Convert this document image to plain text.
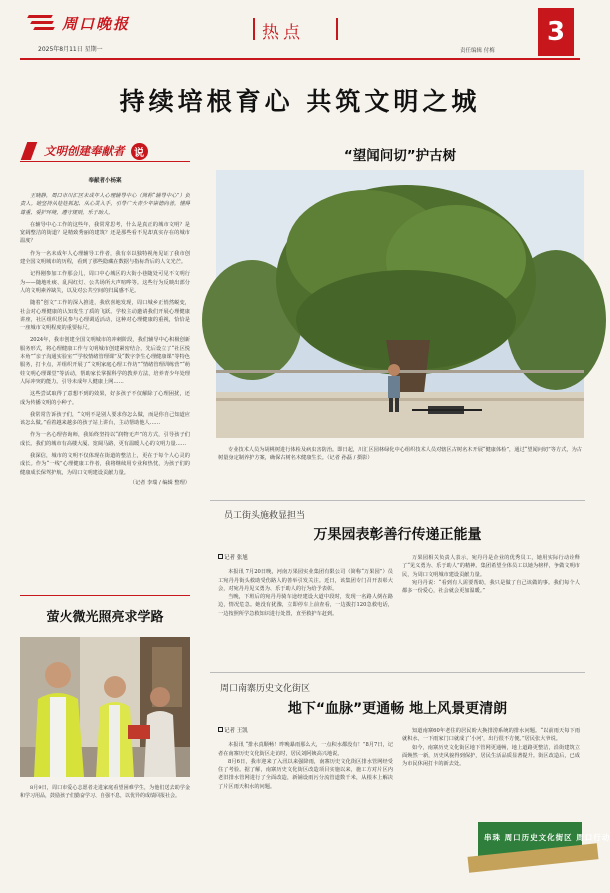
周口晚报
2025年8月11日 星期一
热点
责任编辑 付梅
3
持续培根育心 共筑文明之城
文明创建奉献者 说
奉献者小杨案

王晓静，周口市川汇区未成年人心理辅导中心（简称“辅导中心”）负责人。她坚持从娃娃抓起、从心灵入手，引导广大青少年崇德向善，懂得尊重、爱护环境，遵守规则，乐于助人。

在辅导中心工作的这些年，我常常思考，什么是真正的城市文明？是宽阔整洁的街道？是精致秀丽的建筑？还是那些看不见却真实存在的城市温度？

作为一名未成年人心理辅导工作者，我有幸以独特视角见证了我市创建全国文明城市的历程，看到了那些隐藏在数据与指标背后的人文光芒。

记得刚参加工作那会儿，周口中心城区的大街小巷随处可见不文明行为——随地吐痰、乱闯红灯、公共场所大声喧哗等。这些行为反映出部分人的文明素养缺失，以及对公共空间的归属感不足。

随着“创文”工作的深入推进，我欣喜地发现，周口城乡正悄然蜕变，社会对心理健康的认知发生了质的飞跃。学校主动邀请我们开展心理健康讲座，社区组织居民参与心理调适活动，这种对心理健康的重视，恰恰是一座城市文明程度的重要标尺。

2024年，我市创建全国文明城市的冲刺阶段，我们辅导中心积极创新服务形式，将心理健康工作与文明城市创建紧密结合，先后设立了“社区悦本角”“亲子沟通实验室”“学校情绪管理课”及“数字孪生心理健康课”等特色服务，打卡点，并组织开展了“文明家庭心理工作坊”“情绪管理训练营”“萌娃文明心理课堂”等活动，帮助家长掌握科学的教养方法，培养青少年处理人际冲突的能力。引导未成年人健康上网……

这些尝试取得了意想不到的效果，好多孩子不仅解除了心理困扰，还成为传播文明的小种子。

我常常告诉孩子们，“文明不是别人要求你怎么做，而是你自己知道应该怎么做。”看着越来越多的孩子站上讲台，主动帮助他人……

作为一名心理咨询师，我始终坚持以“润物无声”的方式，引导孩子们成长。我们的城市有高楼大厦、宽阔马路，更有温暖人心的文明力量……

我深信，城市的文明不仅体现在街道的整洁上，更在于每个人心灵的成长。作为“一线”心理健康工作者，我将继续用专业和热忱，为孩子们的健康成长保驾护航，为周口文明建设贡献力量。

（记者 李瑞 / 编辑 整理）

萤火微光照亮求学路

8月9日，周口市爱心志愿者走进家庭看望困难学生，为他们送去助学金和学习用品，鼓励孩子们勤奋学习、自强不息，以优异的成绩回报社会。

“望闻问切”护古树

专业技术人员为胡桃树进行体检及病虫害防治。即日起，川汇区园林绿化中心组织技术人员对辖区古树名木开展“健康体检”，通过“望闻问切”等方式，为古树量身定制养护方案，确保古树名木健康生长。（记者 孙磊 / 摄影）

员工街头施救显担当
万果园表彰善行传递正能量
记者 张旭

本报讯 7月20日晚，河南万果园实业集团有限公司（简称“万果园”）员工宛丹丹街头救助受伤路人的善举引发关注。近日，该集团专门召开表彰大会，对宛丹丹见义勇为、乐于助人的行为给予表彰。

当晚，下班后的宛丹丹骑车途经建设大道中段时，发现一名路人倒在路边，情况危急。她没有犹豫，立即停车上前查看，一边拨打120急救电话，一边按照所学急救知识进行处置，直至救护车赶到。

万果园相关负责人表示，宛丹丹是企业的优秀员工，她用实际行动诠释了“见义勇为、乐于助人”的精神。集团希望全体员工以她为榜样，争做文明市民，为周口文明城市建设贡献力量。

宛丹丹说：“看到有人需要帮助，我只是做了自己该做的事。我们每个人都多一份爱心，社会就会更加温暖。”

周口南寨历史文化街区
地下“血脉”更通畅 地上风景更清朗
记者 王凯

本报讯 “排水真顺畅！昨晚暴雨那么大，一点积水都没有！”8月7日，记者在南寨历史文化街区走访时，居民刘阿姨高兴地说。

8月6日，我市迎来了入汛以来强降雨，南寨历史文化街区排水管网经受住了考验。据了解，南寨历史文化街区改造项目实施以来，施工方对片区内老旧排水管网进行了全面改造，新铺设雨污分流管道数千米，从根本上解决了片区雨天积水的问题。

知道南寨60年老住的居民盼大换排涝系统的排水问题。“以前雨天每下雨就积水，一下雨家门口就成了‘小河’，出行很不方便。”居民张大爷说。

如今，南寨历史文化街区地下管网更通畅，地上道路更整洁，沿街建筑立面焕然一新，历史风貌得到保护，居民生活品质显著提升。街区改造后，已成为市民休闲打卡的新去处。

串珠 周口历史文化街区 周口行动
